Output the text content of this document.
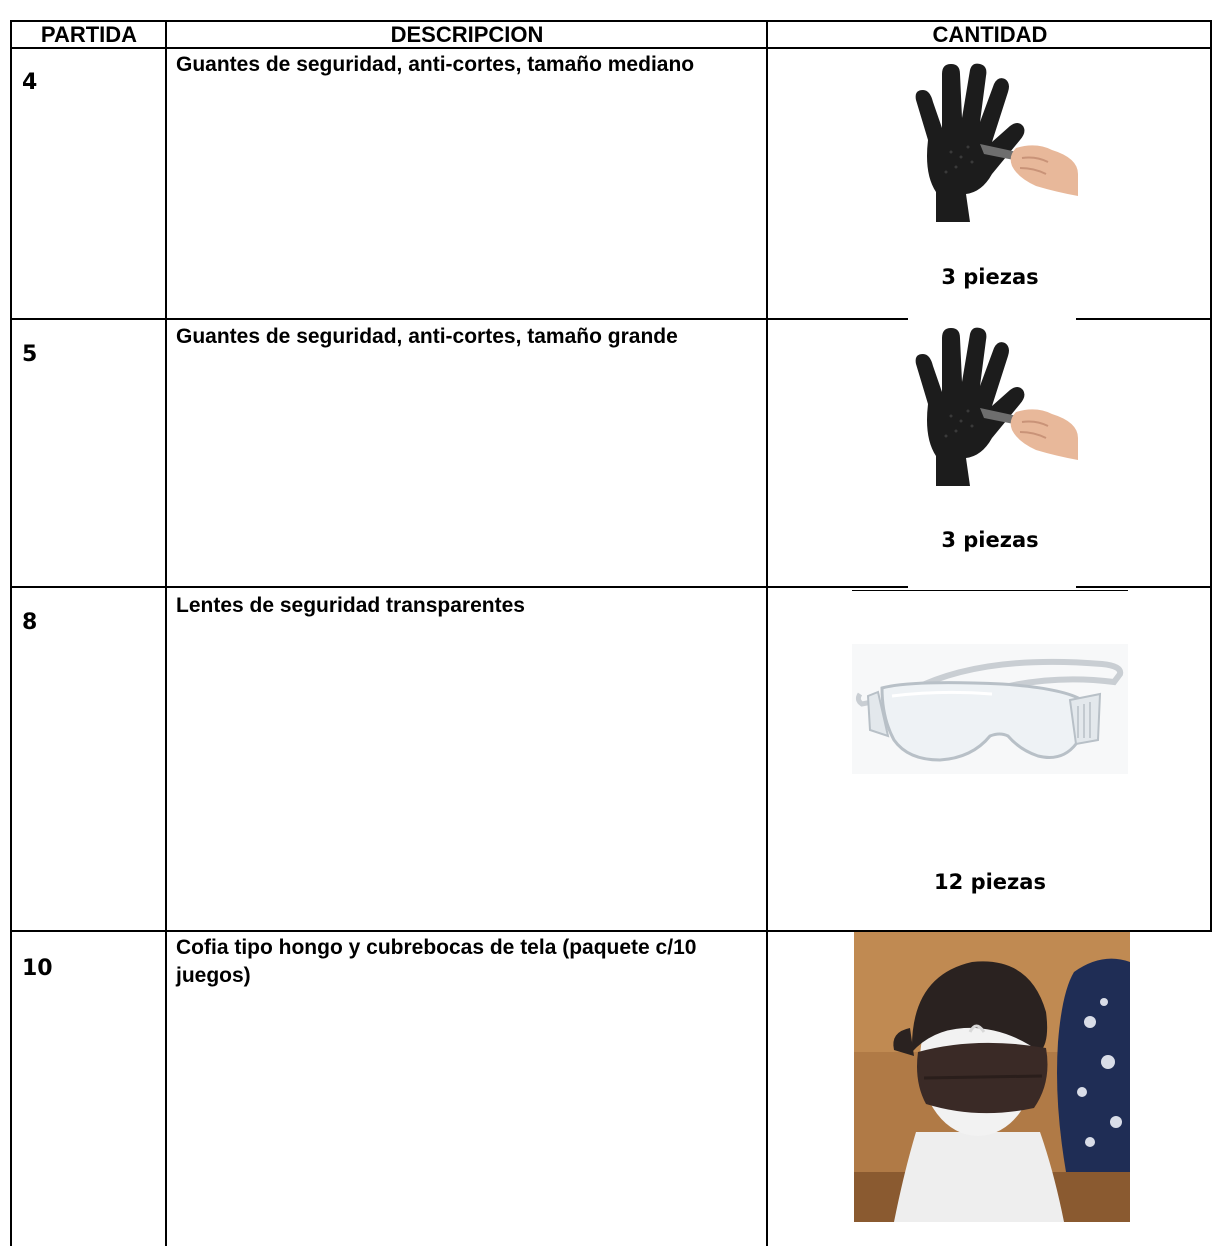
PARTIDA	DESCRIPCION	CANTIDAD
4
Guantes de seguridad, anti-cortes, tamaño mediano
3 piezas
5
Guantes de seguridad, anti-cortes, tamaño grande
3 piezas
8
Lentes de seguridad transparentes
12 piezas
10
Cofia tipo hongo y cubrebocas de tela (paquete c/10 juegos)
